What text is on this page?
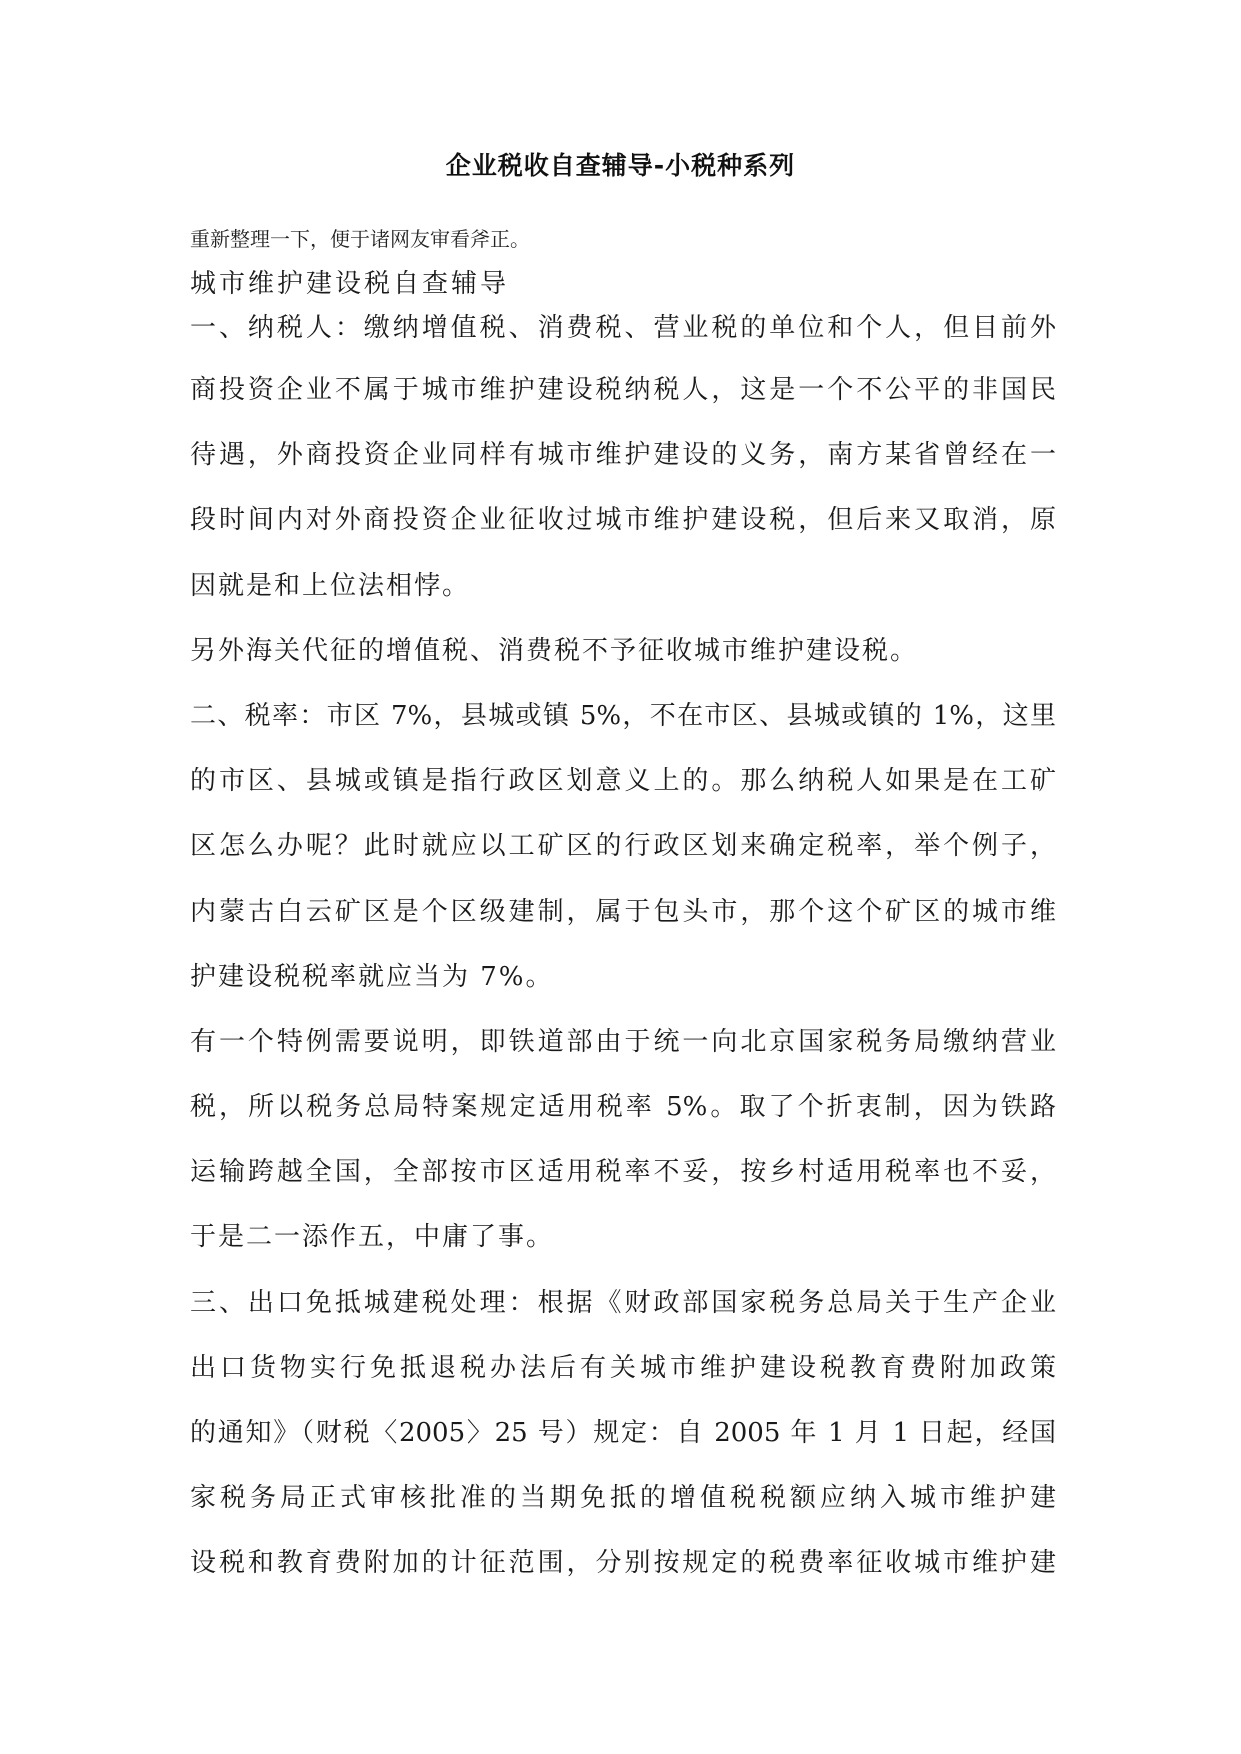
企业税收自查辅导-小税种系列
重新整理一下，便于诸网友审看斧正。
城市维护建设税自查辅导
一、纳税人：缴纳增值税、消费税、营业税的单位和个人，但目前外
商投资企业不属于城市维护建设税纳税人，这是一个不公平的非国民
待遇，外商投资企业同样有城市维护建设的义务，南方某省曾经在一
段时间内对外商投资企业征收过城市维护建设税，但后来又取消，原
因就是和上位法相悖。
另外海关代征的增值税、消费税不予征收城市维护建设税。
二、税率：市区 7%，县城或镇 5%，不在市区、县城或镇的 1%，这里
的市区、县城或镇是指行政区划意义上的。那么纳税人如果是在工矿
区怎么办呢？此时就应以工矿区的行政区划来确定税率，举个例子，
内蒙古白云矿区是个区级建制，属于包头市，那个这个矿区的城市维
护建设税税率就应当为 7%。
有一个特例需要说明，即铁道部由于统一向北京国家税务局缴纳营业
税，所以税务总局特案规定适用税率 5%。取了个折衷制，因为铁路
运输跨越全国，全部按市区适用税率不妥，按乡村适用税率也不妥，
于是二一添作五，中庸了事。
三、出口免抵城建税处理：根据《财政部国家税务总局关于生产企业
出口货物实行免抵退税办法后有关城市维护建设税教育费附加政策
的通知》（财税〈2005〉25 号）规定：自 2005 年 1 月 1 日起，经国
家税务局正式审核批准的当期免抵的增值税税额应纳入城市维护建
设税和教育费附加的计征范围，分别按规定的税费率征收城市维护建
